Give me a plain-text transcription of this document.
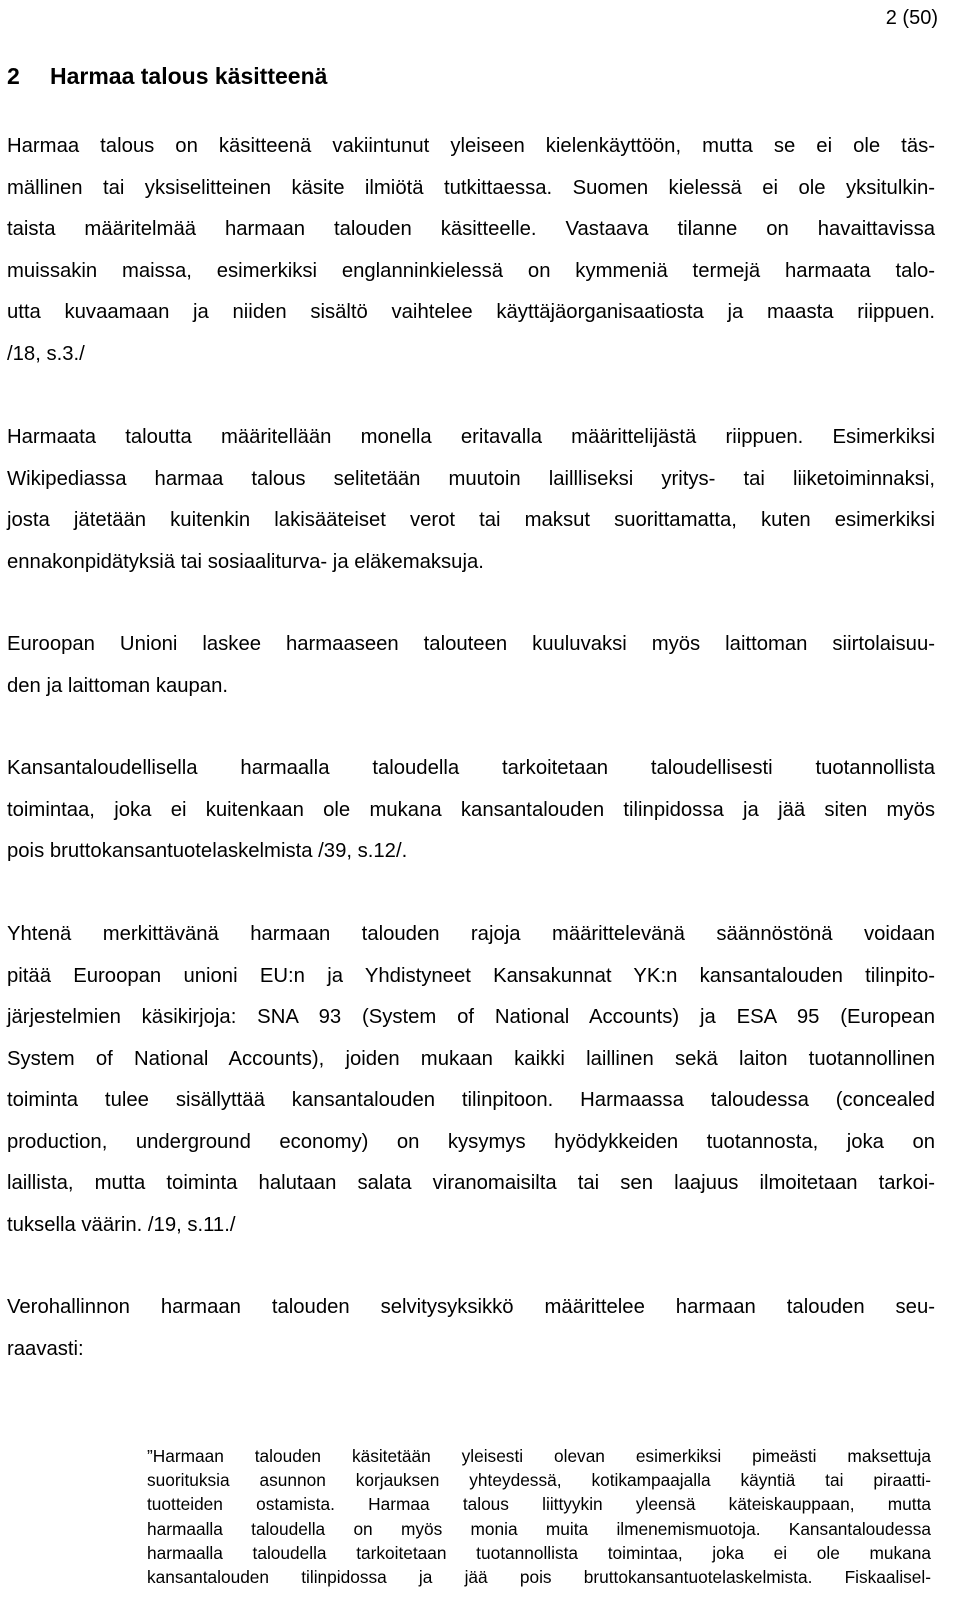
2 (50)
2 Harmaa talous käsitteenä

Harmaa talous on käsitteenä vakiintunut yleiseen kielenkäyttöön, mutta se ei ole täs-
mällinen tai yksiselitteinen käsite ilmiötä tutkittaessa. Suomen kielessä ei ole yksitulkin-
taista määritelmää harmaan talouden käsitteelle. Vastaava tilanne on havaittavissa
muissakin maissa, esimerkiksi englanninkielessä on kymmeniä termejä harmaata talo-
utta kuvaamaan ja niiden sisältö vaihtelee käyttäjäorganisaatiosta ja maasta riippuen.
/18, s.3./

Harmaata taloutta määritellään monella eritavalla määrittelijästä riippuen. Esimerkiksi
Wikipediassa harmaa talous selitetään muutoin laillliseksi yritys- tai liiketoiminnaksi,
josta jätetään kuitenkin lakisääteiset verot tai maksut suorittamatta, kuten esimerkiksi
ennakonpidätyksiä tai sosiaaliturva- ja eläkemaksuja.

Euroopan Unioni laskee harmaaseen talouteen kuuluvaksi myös laittoman siirtolaisuu-
den ja laittoman kaupan.

Kansantaloudellisella harmaalla taloudella tarkoitetaan taloudellisesti tuotannollista
toimintaa, joka ei kuitenkaan ole mukana kansantalouden tilinpidossa ja jää siten myös
pois bruttokansantuotelaskelmista /39, s.12/.

Yhtenä merkittävänä harmaan talouden rajoja määrittelevänä säännöstönä voidaan
pitää Euroopan unioni EU:n ja Yhdistyneet Kansakunnat YK:n kansantalouden tilinpito-
järjestelmien käsikirjoja: SNA 93 (System of National Accounts) ja ESA 95 (European
System of National Accounts), joiden mukaan kaikki laillinen sekä laiton tuotannollinen
toiminta tulee sisällyttää kansantalouden tilinpitoon. Harmaassa taloudessa (concealed
production, underground economy) on kysymys hyödykkeiden tuotannosta, joka on
laillista, mutta toiminta halutaan salata viranomaisilta tai sen laajuus ilmoitetaan tarkoi-
tuksella väärin. /19, s.11./

Verohallinnon harmaan talouden selvitysyksikkö määrittelee harmaan talouden seu-
raavasti:

”Harmaan talouden käsitetään yleisesti olevan esimerkiksi pimeästi maksettuja
suorituksia asunnon korjauksen yhteydessä, kotikampaajalla käyntiä tai piraatti-
tuotteiden ostamista. Harmaa talous liittyykin yleensä käteiskauppaan, mutta
harmaalla taloudella on myös monia muita ilmenemismuotoja. Kansantaloudessa
harmaalla taloudella tarkoitetaan tuotannollista toimintaa, joka ei ole mukana
kansantalouden tilinpidossa ja jää pois bruttokansantuotelaskelmista. Fiskaalisel-
